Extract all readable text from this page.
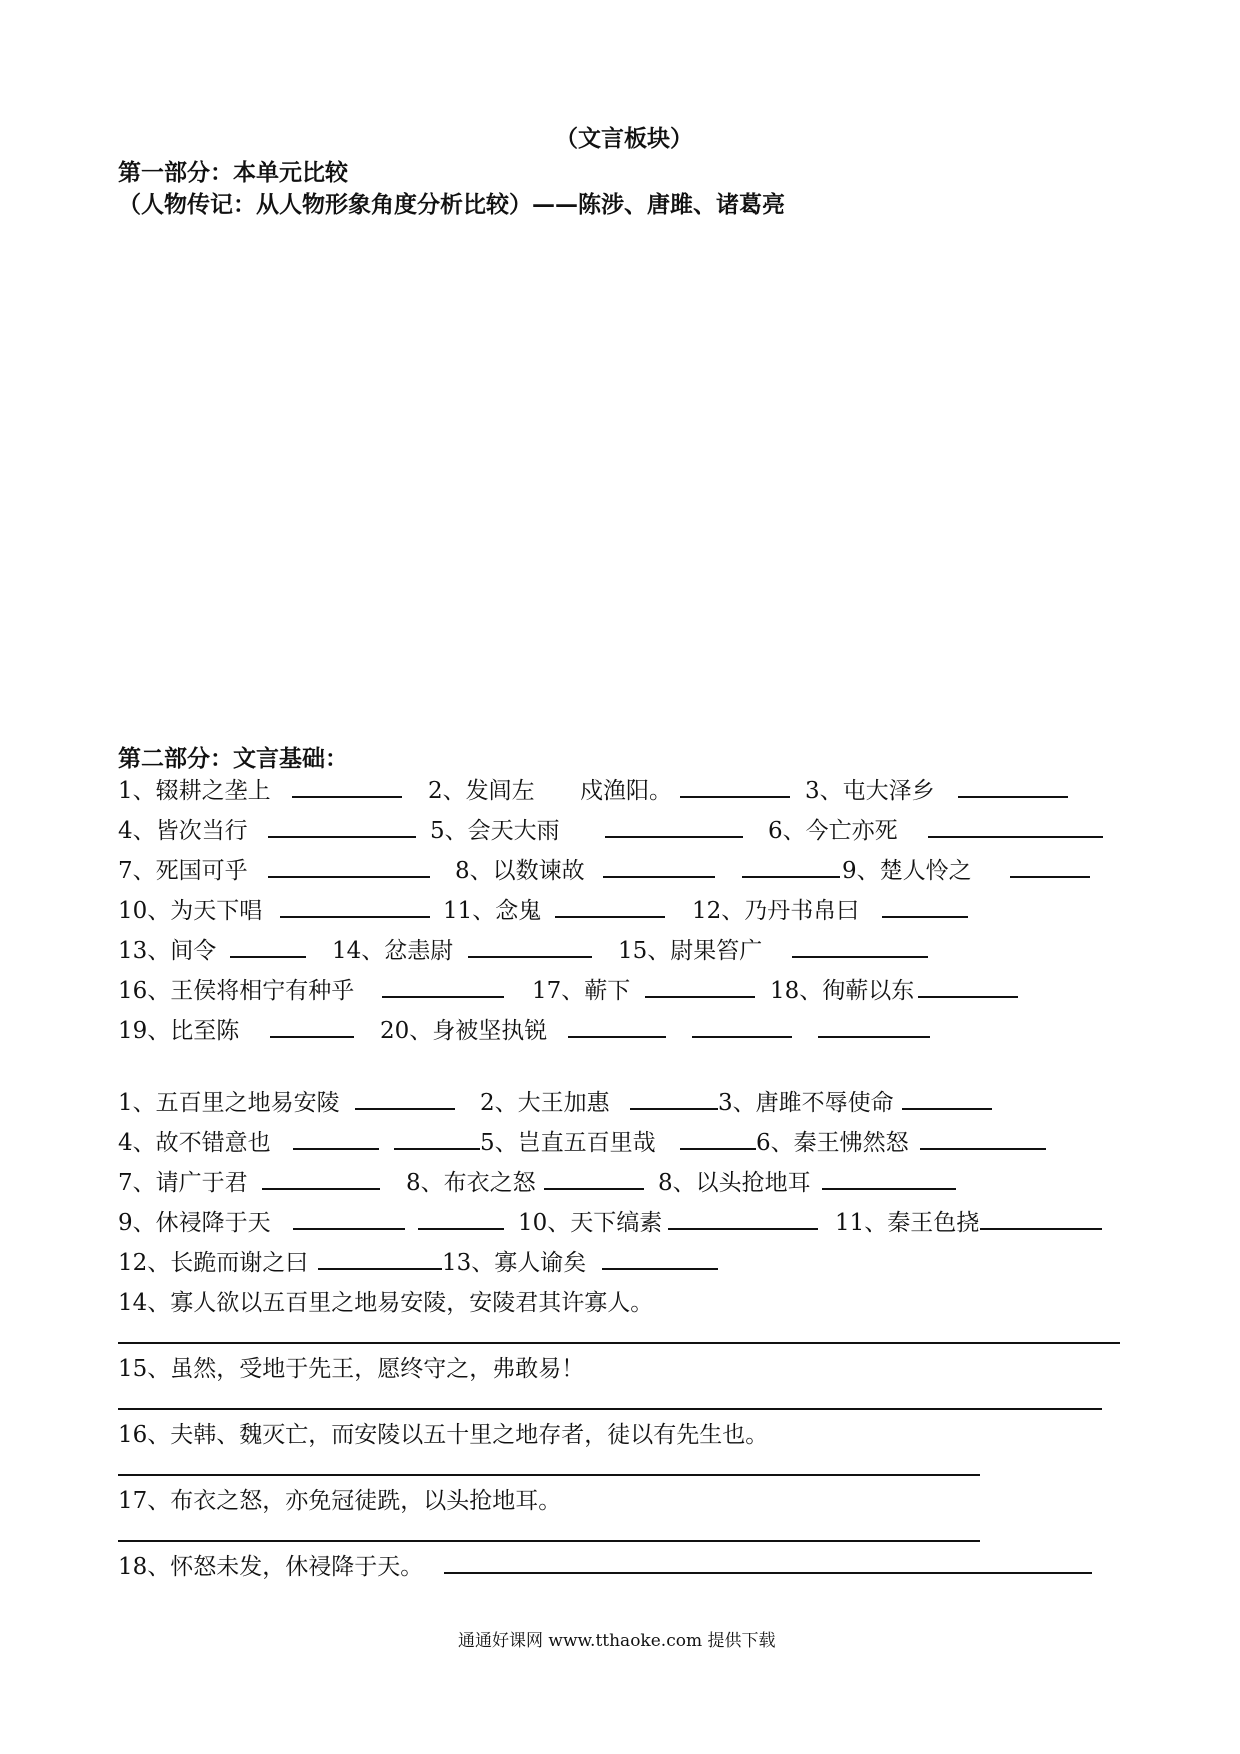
（文言板块）
第一部分：本单元比较
（人物传记：从人物形象角度分析比较）——陈涉、唐雎、诸葛亮
第二部分：文言基础：
1、辍耕之垄上	2、发闾左 戍渔阳。	3、屯大泽乡
4、皆次当行	5、会天大雨	6、今亡亦死
7、死国可乎	8、以数谏故	9、楚人怜之
10、为天下唱	11、念鬼	12、乃丹书帛曰
13、间令	14、忿恚尉	15、尉果笞广
16、王侯将相宁有种乎	17、蕲下	18、徇蕲以东
19、比至陈	20、身被坚执锐
1、五百里之地易安陵	2、大王加惠	3、唐雎不辱使命
4、故不错意也	5、岂直五百里哉	6、秦王怫然怒
7、请广于君	8、布衣之怒	8、以头抢地耳
9、休祲降于天	10、天下缟素	11、秦王色挠
12、长跪而谢之曰	13、寡人谕矣
14、寡人欲以五百里之地易安陵，安陵君其许寡人。
15、虽然，受地于先王，愿终守之，弗敢易！
16、夫韩、魏灭亡，而安陵以五十里之地存者，徒以有先生也。
17、布衣之怒，亦免冠徒跣，以头抢地耳。
18、怀怒未发，休祲降于天。
通通好课网 www.tthaoke.com 提供下载
